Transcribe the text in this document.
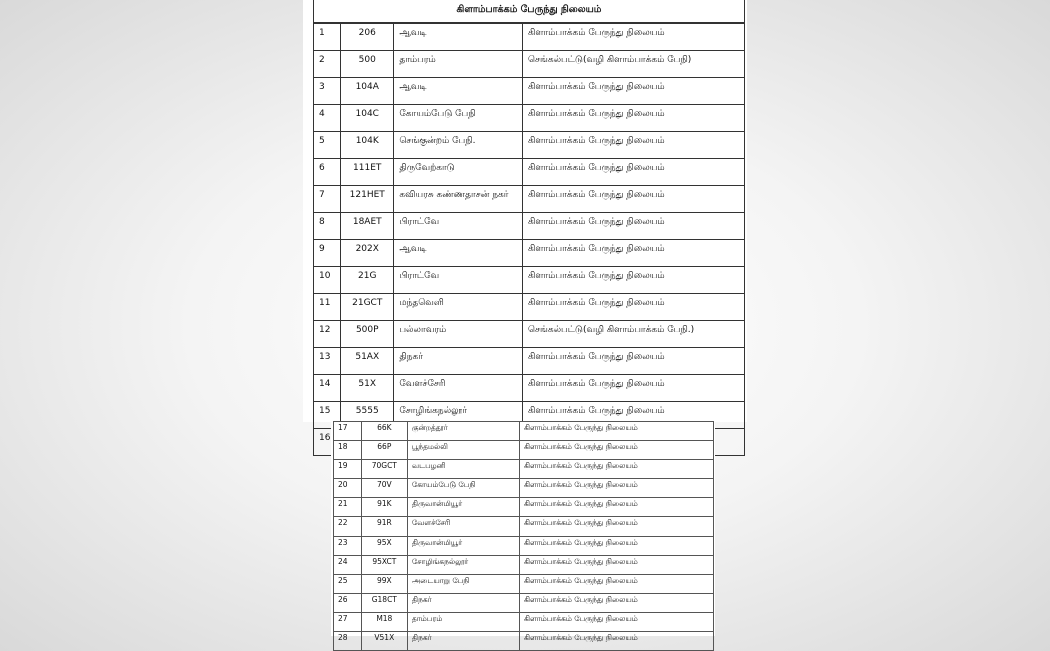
கிளாம்பாக்கம் பேருந்து நிலையம்
1	206	ஆவடி	கிளாம்பாக்கம் பேருந்து நிலையம்
2	500	தாம்பரம்	செங்கல்பட்டு(வழி கிளாம்பாக்கம் பேநி)
3	104A	ஆவடி	கிளாம்பாக்கம் பேருந்து நிலையம்
4	104C	கோயம்பேடு பேநி	கிளாம்பாக்கம் பேருந்து நிலையம்
5	104K	செங்குன்றம் பேநி.	கிளாம்பாக்கம் பேருந்து நிலையம்
6	111ET	திருவேற்காடு	கிளாம்பாக்கம் பேருந்து நிலையம்
7	121HET	கவியரசு கண்ணதாசன் நகர்	கிளாம்பாக்கம் பேருந்து நிலையம்
8	18AET	பிராட்வே	கிளாம்பாக்கம் பேருந்து நிலையம்
9	202X	ஆவடி	கிளாம்பாக்கம் பேருந்து நிலையம்
10	21G	பிராட்வே	கிளாம்பாக்கம் பேருந்து நிலையம்
11	21GCT	மந்தவெளி	கிளாம்பாக்கம் பேருந்து நிலையம்
12	500P	பல்லாவரம்	செங்கல்பட்டு(வழி கிளாம்பாக்கம் பேநி.)
13	51AX	திநகர்	கிளாம்பாக்கம் பேருந்து நிலையம்
14	51X	வேளச்சேரி	கிளாம்பாக்கம் பேருந்து நிலையம்
15	5555	சோழிங்கநல்லூர்	கிளாம்பாக்கம் பேருந்து நிலையம்
16			
17	66K	குன்றத்தூர்	கிளாம்பாக்கம் பேருந்து நிலையம்
18	66P	பூந்தமல்லி	கிளாம்பாக்கம் பேருந்து நிலையம்
19	70GCT	வடபழனி	கிளாம்பாக்கம் பேருந்து நிலையம்
20	70V	கோயம்பேடு பேநி	கிளாம்பாக்கம் பேருந்து நிலையம்
21	91K	திருவான்மியூர்	கிளாம்பாக்கம் பேருந்து நிலையம்
22	91R	வேளச்சேரி	கிளாம்பாக்கம் பேருந்து நிலையம்
23	95X	திருவான்மியூர்	கிளாம்பாக்கம் பேருந்து நிலையம்
24	95XCT	சோழிங்கநல்லூர்	கிளாம்பாக்கம் பேருந்து நிலையம்
25	99X	அடையாறு பேநி	கிளாம்பாக்கம் பேருந்து நிலையம்
26	G18CT	திநகர்	கிளாம்பாக்கம் பேருந்து நிலையம்
27	M18	தாம்பரம்	கிளாம்பாக்கம் பேருந்து நிலையம்
28	V51X	திநகர்	கிளாம்பாக்கம் பேருந்து நிலையம்
